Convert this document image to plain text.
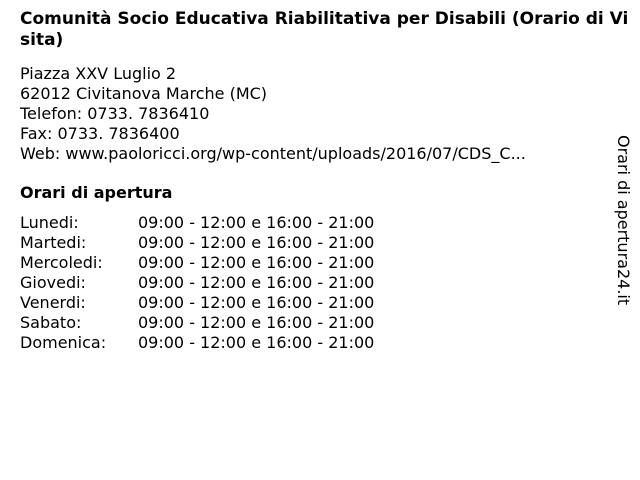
Comunità Socio Educativa Riabilitativa per Disabili (Orario di Visita)
Piazza XXV Luglio 2
62012 Civitanova Marche (MC)
Telefon: 0733. 7836410
Fax: 0733. 7836400
Web: www.paoloricci.org/wp-content/uploads/2016/07/CDS_C...
Orari di apertura
Lunedi:	09:00 - 12:00 e 16:00 - 21:00
Martedi:	09:00 - 12:00 e 16:00 - 21:00
Mercoledi: 09:00 - 12:00 e 16:00 - 21:00
Giovedi:	09:00 - 12:00 e 16:00 - 21:00
Venerdi:	09:00 - 12:00 e 16:00 - 21:00
Sabato:	09:00 - 12:00 e 16:00 - 21:00
Domenica: 09:00 - 12:00 e 16:00 - 21:00
Orari di apertura24.it
